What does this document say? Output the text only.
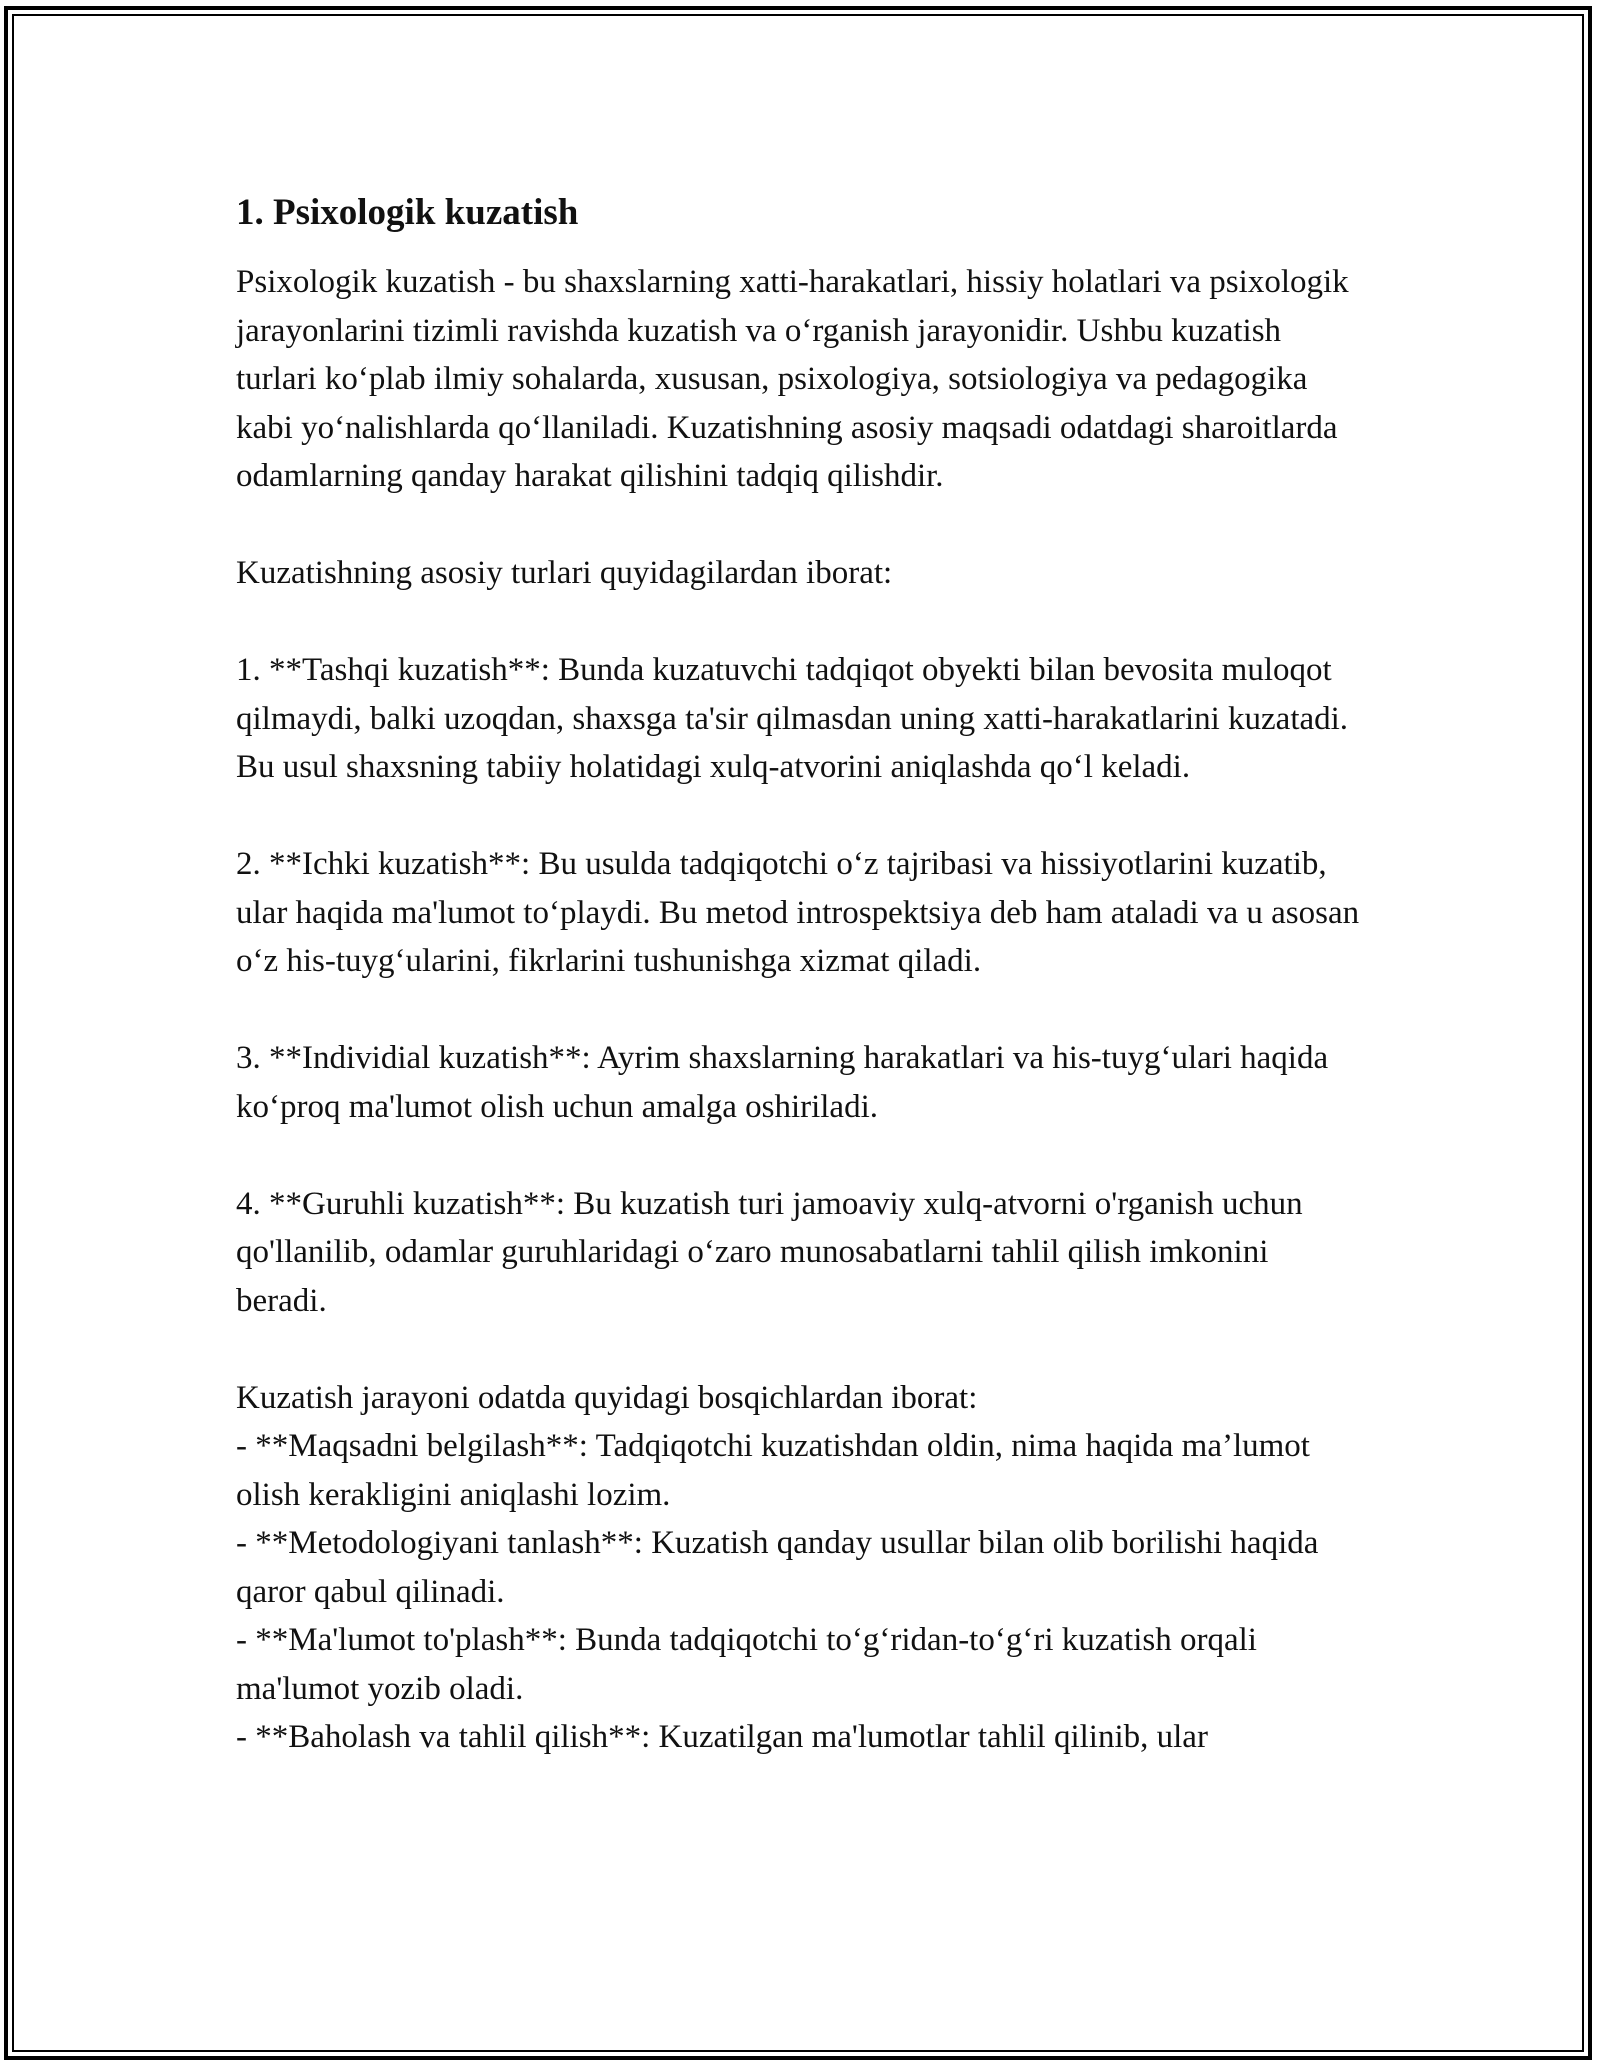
1. Psixologik kuzatish

Psixologik kuzatish - bu shaxslarning xatti-harakatlari, hissiy holatlari va psixologik jarayonlarini tizimli ravishda kuzatish va o‘rganish jarayonidir. Ushbu kuzatish turlari ko‘plab ilmiy sohalarda, xususan, psixologiya, sotsiologiya va pedagogika kabi yo‘nalishlarda qo‘llaniladi. Kuzatishning asosiy maqsadi odatdagi sharoitlarda odamlarning qanday harakat qilishini tadqiq qilishdir.

Kuzatishning asosiy turlari quyidagilardan iborat:

1. **Tashqi kuzatish**: Bunda kuzatuvchi tadqiqot obyekti bilan bevosita muloqot qilmaydi, balki uzoqdan, shaxsga ta'sir qilmasdan uning xatti-harakatlarini kuzatadi. Bu usul shaxsning tabiiy holatidagi xulq-atvorini aniqlashda qo‘l keladi.

2. **Ichki kuzatish**: Bu usulda tadqiqotchi o‘z tajribasi va hissiyotlarini kuzatib, ular haqida ma'lumot to‘playdi. Bu metod introspektsiya deb ham ataladi va u asosan o‘z his-tuyg‘ularini, fikrlarini tushunishga xizmat qiladi.

3. **Individial kuzatish**: Ayrim shaxslarning harakatlari va his-tuyg‘ulari haqida ko‘proq ma'lumot olish uchun amalga oshiriladi.

4. **Guruhli kuzatish**: Bu kuzatish turi jamoaviy xulq-atvorni o'rganish uchun qo'llanilib, odamlar guruhlaridagi o‘zaro munosabatlarni tahlil qilish imkonini beradi.

Kuzatish jarayoni odatda quyidagi bosqichlardan iborat:

- **Maqsadni belgilash**: Tadqiqotchi kuzatishdan oldin, nima haqida ma’lumot olish kerakligini aniqlashi lozim.

- **Metodologiyani tanlash**: Kuzatish qanday usullar bilan olib borilishi haqida qaror qabul qilinadi.

- **Ma'lumot to'plash**: Bunda tadqiqotchi to‘g‘ridan-to‘g‘ri kuzatish orqali ma'lumot yozib oladi.

- **Baholash va tahlil qilish**: Kuzatilgan ma'lumotlar tahlil qilinib, ular
